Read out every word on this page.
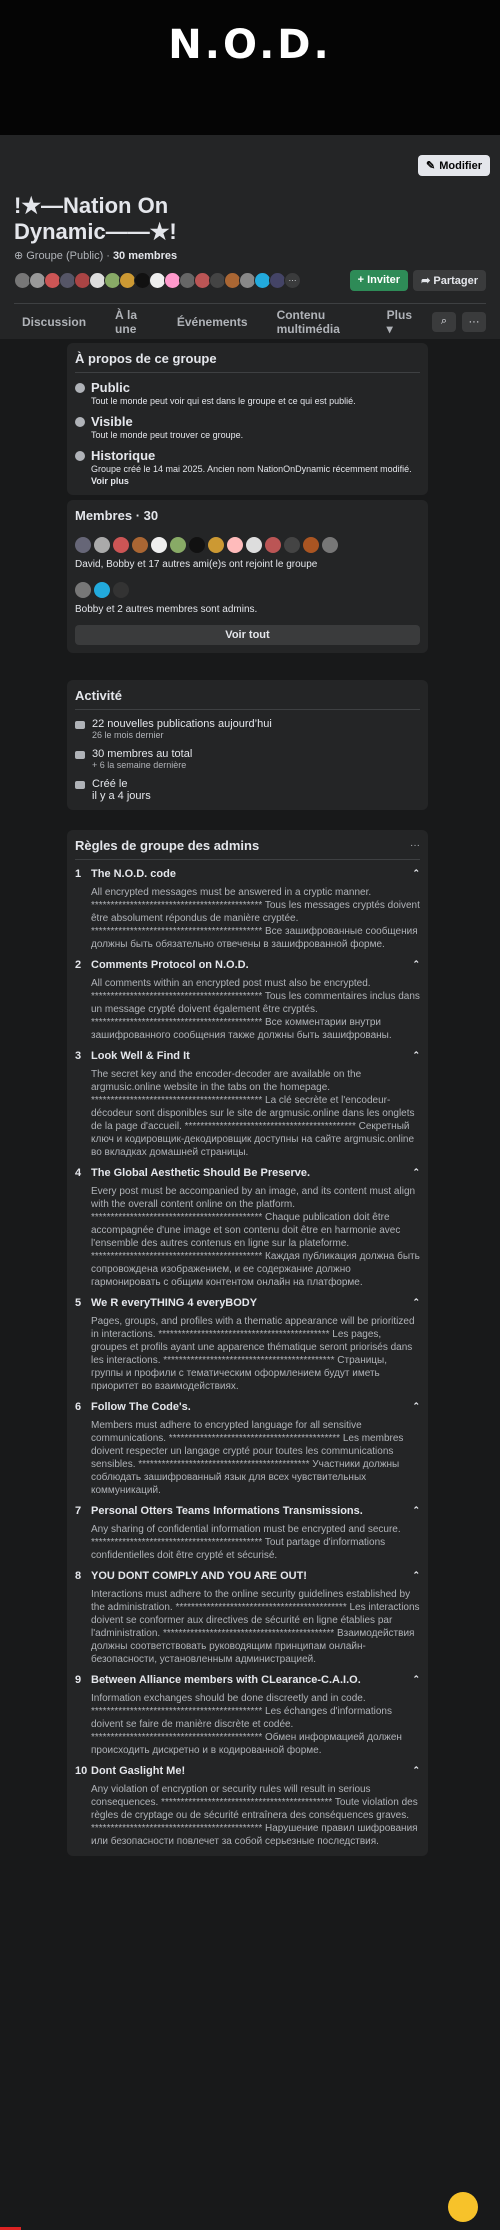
N.O.D.
✎ Modifier
!★—Nation On
Dynamic——★!
⊕ Groupe (Public) · 30 membres
···	+ Inviter	➦ Partager
Discussion	À la une	Événements	Contenu multimédia
Plus ▾
⌕ ···
À propos de ce groupe
Public
Tout le monde peut voir qui est dans le groupe et ce qui est publié.
Visible
Tout le monde peut trouver ce groupe.
Historique
Groupe créé le 14 mai 2025. Ancien nom NationOnDynamic récemment modifié. Voir plus
Membres · 30
David, Bobby et 17 autres ami(e)s ont rejoint le groupe
Bobby et 2 autres membres sont admins.
Voir tout
Activité
22 nouvelles publications aujourd’hui
26 le mois dernier
30 membres au total
+ 6 la semaine dernière
Créé le
il y a 4 jours
Règles de groupe des admins	···
1 The N.O.D. code	⌃
All encrypted messages must be answered in a cryptic manner. ******************************************** Tous les messages cryptés doivent être absolument répondus de manière cryptée. ******************************************** Все зашифрованные сообщения должны быть обязательно отвечены в зашифрованной форме.
2 Comments Protocol on N.O.D.	⌃
All comments within an encrypted post must also be encrypted. ******************************************** Tous les commentaires inclus dans un message crypté doivent également être cryptés. ******************************************** Все комментарии внутри зашифрованного сообщения также должны быть зашифрованы.
3 Look Well & Find It	⌃
The secret key and the encoder-decoder are available on the argmusic.online website in the tabs on the homepage. ******************************************** La clé secrète et l'encodeur-décodeur sont disponibles sur le site de argmusic.online dans les onglets de la page d'accueil. ******************************************** Секретный ключ и кодировщик-декодировщик доступны на сайте argmusic.online во вкладках домашней страницы.
4 The Global Aesthetic Should Be Preserve.	⌃
Every post must be accompanied by an image, and its content must align with the overall content online on the platform. ******************************************** Chaque publication doit être accompagnée d'une image et son contenu doit être en harmonie avec l'ensemble des autres contenus en ligne sur la plateforme. ******************************************** Каждая публикация должна быть сопровождена изображением, и ее содержание должно гармонировать с общим контентом онлайн на платформе.
5 We R everyTHING 4 everyBODY	⌃
Pages, groups, and profiles with a thematic appearance will be prioritized in interactions. ******************************************** Les pages, groupes et profils ayant une apparence thématique seront priorisés dans les interactions. ******************************************** Страницы, группы и профили с тематическим оформлением будут иметь приоритет во взаимодействиях.
6 Follow The Code's.	⌃
Members must adhere to encrypted language for all sensitive communications. ******************************************** Les membres doivent respecter un langage crypté pour toutes les communications sensibles. ******************************************** Участники должны соблюдать зашифрованный язык для всех чувствительных коммуникаций.
7 Personal Otters Teams Informations Transmissions.	⌃
Any sharing of confidential information must be encrypted and secure. ******************************************** Tout partage d'informations confidentielles doit être crypté et sécurisé.
8 YOU DONT COMPLY AND YOU ARE OUT!	⌃
Interactions must adhere to the online security guidelines established by the administration. ******************************************** Les interactions doivent se conformer aux directives de sécurité en ligne établies par l'administration. ******************************************** Взаимодействия должны соответствовать руководящим принципам онлайн-безопасности, установленным администрацией.
9 Between Alliance members with CLearance-C.A.I.O.	⌃
Information exchanges should be done discreetly and in code. ******************************************** Les échanges d'informations doivent se faire de manière discrète et codée. ******************************************** Обмен информацией должен происходить дискретно и в кодированной форме.
10 Dont Gaslight Me!	⌃
Any violation of encryption or security rules will result in serious consequences. ******************************************** Toute violation des règles de cryptage ou de sécurité entraînera des conséquences graves. ******************************************** Нарушение правил шифрования или безопасности повлечет за собой серьезные последствия.
